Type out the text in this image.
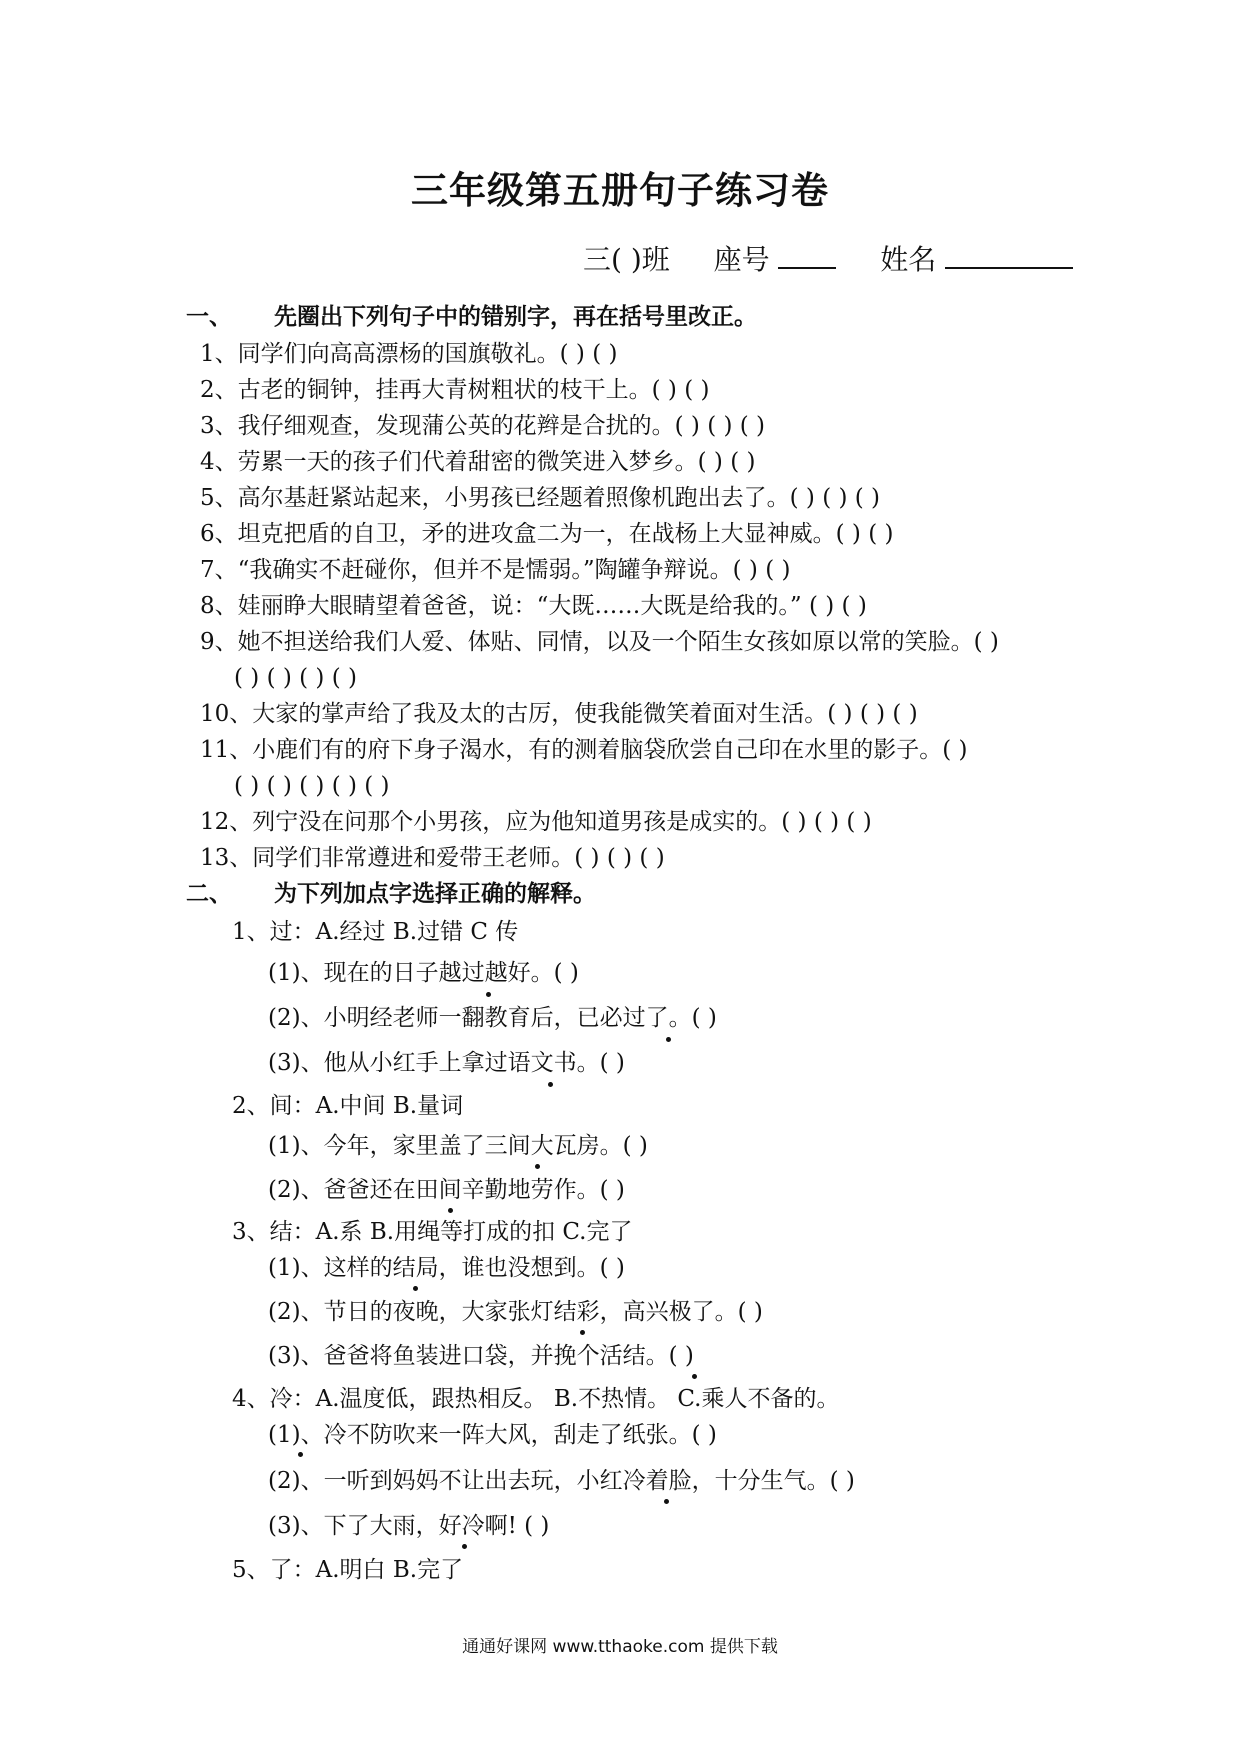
三年级第五册句子练习卷
三( )班 座号	姓名
一、 先圈出下列句子中的错别字，再在括号里改正。
1、同学们向高高漂杨的国旗敬礼。( ) ( )
2、古老的铜钟，挂再大青树粗状的枝干上。( ) ( )
3、我仔细观查，发现蒲公英的花辫是合扰的。( ) ( ) ( )
4、劳累一天的孩子们代着甜密的微笑进入梦乡。( ) ( )
5、高尔基赶紧站起来，小男孩已经题着照像机跑出去了。( ) ( ) ( )
6、坦克把盾的自卫，矛的进攻盒二为一，在战杨上大显神威。( ) ( )
7、“我确实不赶碰你，但并不是懦弱。”陶罐争辩说。( ) ( )
8、娃丽睁大眼睛望着爸爸，说：“大既……大既是给我的。” ( ) ( )
9、她不担送给我们人爱、体贴、同情，以及一个陌生女孩如原以常的笑脸。( )
( ) ( ) ( ) ( )
10、大家的掌声给了我及太的古厉，使我能微笑着面对生活。( ) ( ) ( )
11、小鹿们有的府下身子渴水，有的测着脑袋欣尝自己印在水里的影子。( )
( ) ( ) ( ) ( ) ( )
12、列宁没在问那个小男孩，应为他知道男孩是成实的。( ) ( ) ( )
13、同学们非常遵进和爱带王老师。( ) ( ) ( )
二、 为下列加点字选择正确的解释。
1、过：A.经过 B.过错 C 传
(1)、现在的日子越过越好。( )
(2)、小明经老师一翻教育后，已必过了。( )
(3)、他从小红手上拿过语文书。( )
2、间：A.中间 B.量词
(1)、今年，家里盖了三间大瓦房。( )
(2)、爸爸还在田间辛勤地劳作。( )
3、结：A.系 B.用绳等打成的扣 C.完了
(1)、这样的结局，谁也没想到。( )
(2)、节日的夜晚，大家张灯结彩，高兴极了。( )
(3)、爸爸将鱼装进口袋，并挽个活结。( )
4、冷：A.温度低，跟热相反。 B.不热情。 C.乘人不备的。
(1)、冷不防吹来一阵大风，刮走了纸张。( )
(2)、一听到妈妈不让出去玩，小红冷着脸，十分生气。( )
(3)、下了大雨，好冷啊! ( )
5、了：A.明白 B.完了
通通好课网 www.tthaoke.com 提供下载
